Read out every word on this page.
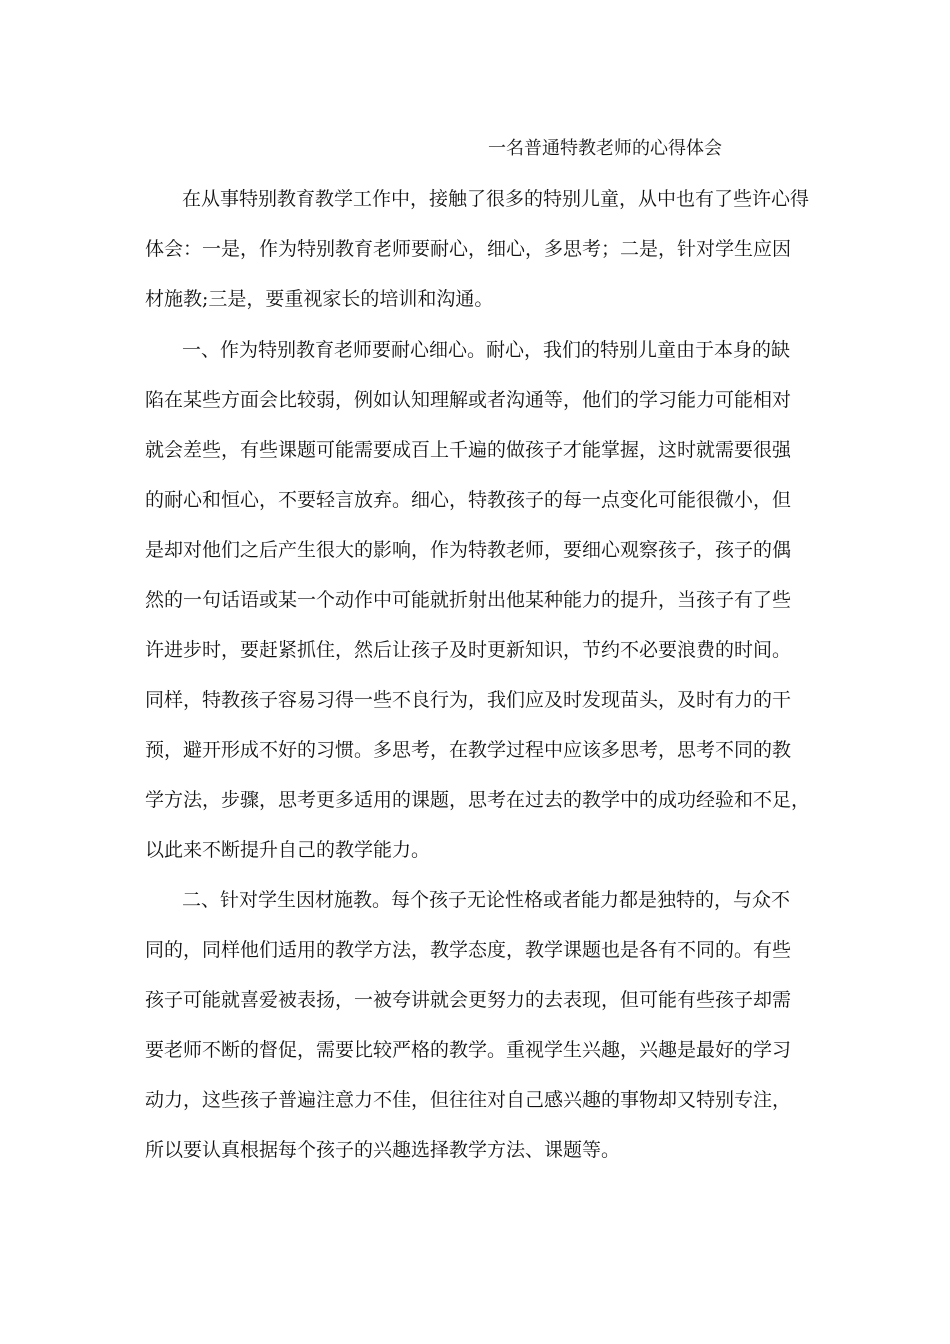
一名普通特教老师的心得体会
在从事特别教育教学工作中，接触了很多的特别儿童，从中也有了些许心得
体会：一是，作为特别教育老师要耐心，细心，多思考；二是，针对学生应因
材施教;三是，要重视家长的培训和沟通。
一、作为特别教育老师要耐心细心。耐心，我们的特别儿童由于本身的缺
陷在某些方面会比较弱，例如认知理解或者沟通等，他们的学习能力可能相对
就会差些，有些课题可能需要成百上千遍的做孩子才能掌握，这时就需要很强
的耐心和恒心，不要轻言放弃。细心，特教孩子的每一点变化可能很微小，但
是却对他们之后产生很大的影响，作为特教老师，要细心观察孩子，孩子的偶
然的一句话语或某一个动作中可能就折射出他某种能力的提升，当孩子有了些
许进步时，要赶紧抓住，然后让孩子及时更新知识，节约不必要浪费的时间。
同样，特教孩子容易习得一些不良行为，我们应及时发现苗头，及时有力的干
预，避开形成不好的习惯。多思考，在教学过程中应该多思考，思考不同的教
学方法，步骤，思考更多适用的课题，思考在过去的教学中的成功经验和不足，
以此来不断提升自己的教学能力。
二、针对学生因材施教。每个孩子无论性格或者能力都是独特的，与众不
同的，同样他们适用的教学方法，教学态度，教学课题也是各有不同的。有些
孩子可能就喜爱被表扬，一被夸讲就会更努力的去表现，但可能有些孩子却需
要老师不断的督促，需要比较严格的教学。重视学生兴趣，兴趣是最好的学习
动力，这些孩子普遍注意力不佳，但往往对自己感兴趣的事物却又特别专注，
所以要认真根据每个孩子的兴趣选择教学方法、课题等。
